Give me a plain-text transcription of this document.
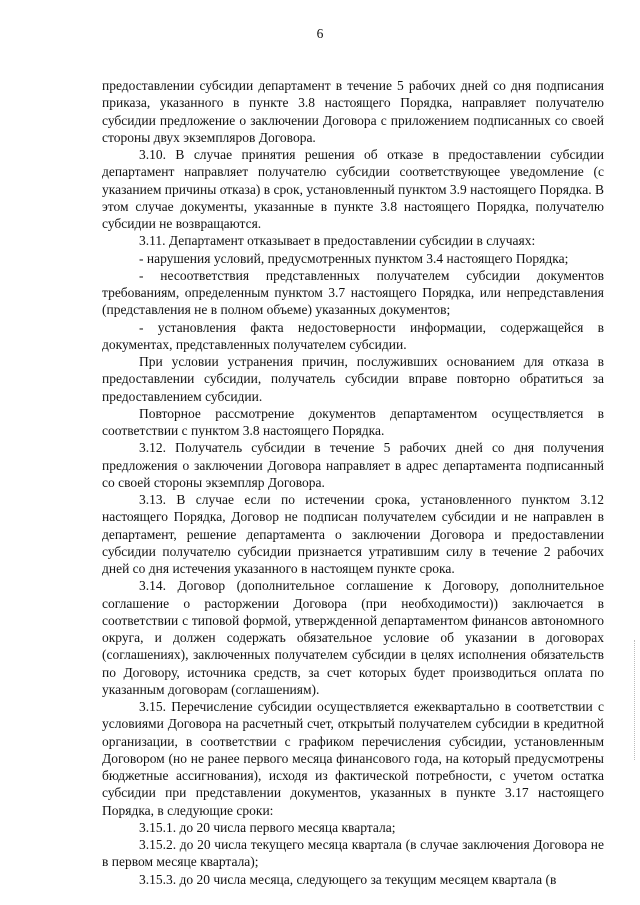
6

предоставлении субсидии департамент в течение 5 рабочих дней со дня подписания приказа, указанного в пункте 3.8 настоящего Порядка, направляет получателю субсидии предложение о заключении Договора с приложением подписанных со своей стороны двух экземпляров Договора.

3.10. В случае принятия решения об отказе в предоставлении субсидии департамент направляет получателю субсидии соответствующее уведомление (с указанием причины отказа) в срок, установленный пунктом 3.9 настоящего Порядка. В этом случае документы, указанные в пункте 3.8 настоящего Порядка, получателю субсидии не возвращаются.

3.11. Департамент отказывает в предоставлении субсидии в случаях:

- нарушения условий, предусмотренных пунктом 3.4 настоящего Порядка;

- несоответствия представленных получателем субсидии документов требованиям, определенным пунктом 3.7 настоящего Порядка, или непредставления (представления не в полном объеме) указанных документов;

- установления факта недостоверности информации, содержащейся в документах, представленных получателем субсидии.

При условии устранения причин, послуживших основанием для отказа в предоставлении субсидии, получатель субсидии вправе повторно обратиться за предоставлением субсидии.

Повторное рассмотрение документов департаментом осуществляется в соответствии с пунктом 3.8 настоящего Порядка.

3.12. Получатель субсидии в течение 5 рабочих дней со дня получения предложения о заключении Договора направляет в адрес департамента подписанный со своей стороны экземпляр Договора.

3.13. В случае если по истечении срока, установленного пунктом 3.12 настоящего Порядка, Договор не подписан получателем субсидии и не направлен в департамент, решение департамента о заключении Договора и предоставлении субсидии получателю субсидии признается утратившим силу в течение 2 рабочих дней со дня истечения указанного в настоящем пункте срока.

3.14. Договор (дополнительное соглашение к Договору, дополнительное соглашение о расторжении Договора (при необходимости)) заключается в соответствии с типовой формой, утвержденной департаментом финансов автономного округа, и должен содержать обязательное условие об указании в договорах (соглашениях), заключенных получателем субсидии в целях исполнения обязательств по Договору, источника средств, за счет которых будет производиться оплата по указанным договорам (соглашениям).

3.15. Перечисление субсидии осуществляется ежеквартально в соответствии с условиями Договора на расчетный счет, открытый получателем субсидии в кредитной организации, в соответствии с графиком перечисления субсидии, установленным Договором (но не ранее первого месяца финансового года, на который предусмотрены бюджетные ассигнования), исходя из фактической потребности, с учетом остатка субсидии при представлении документов, указанных в пункте 3.17 настоящего Порядка, в следующие сроки:

3.15.1. до 20 числа первого месяца квартала;

3.15.2. до 20 числа текущего месяца квартала (в случае заключения Договора не в первом месяце квартала);

3.15.3. до 20 числа месяца, следующего за текущим месяцем квартала (в
